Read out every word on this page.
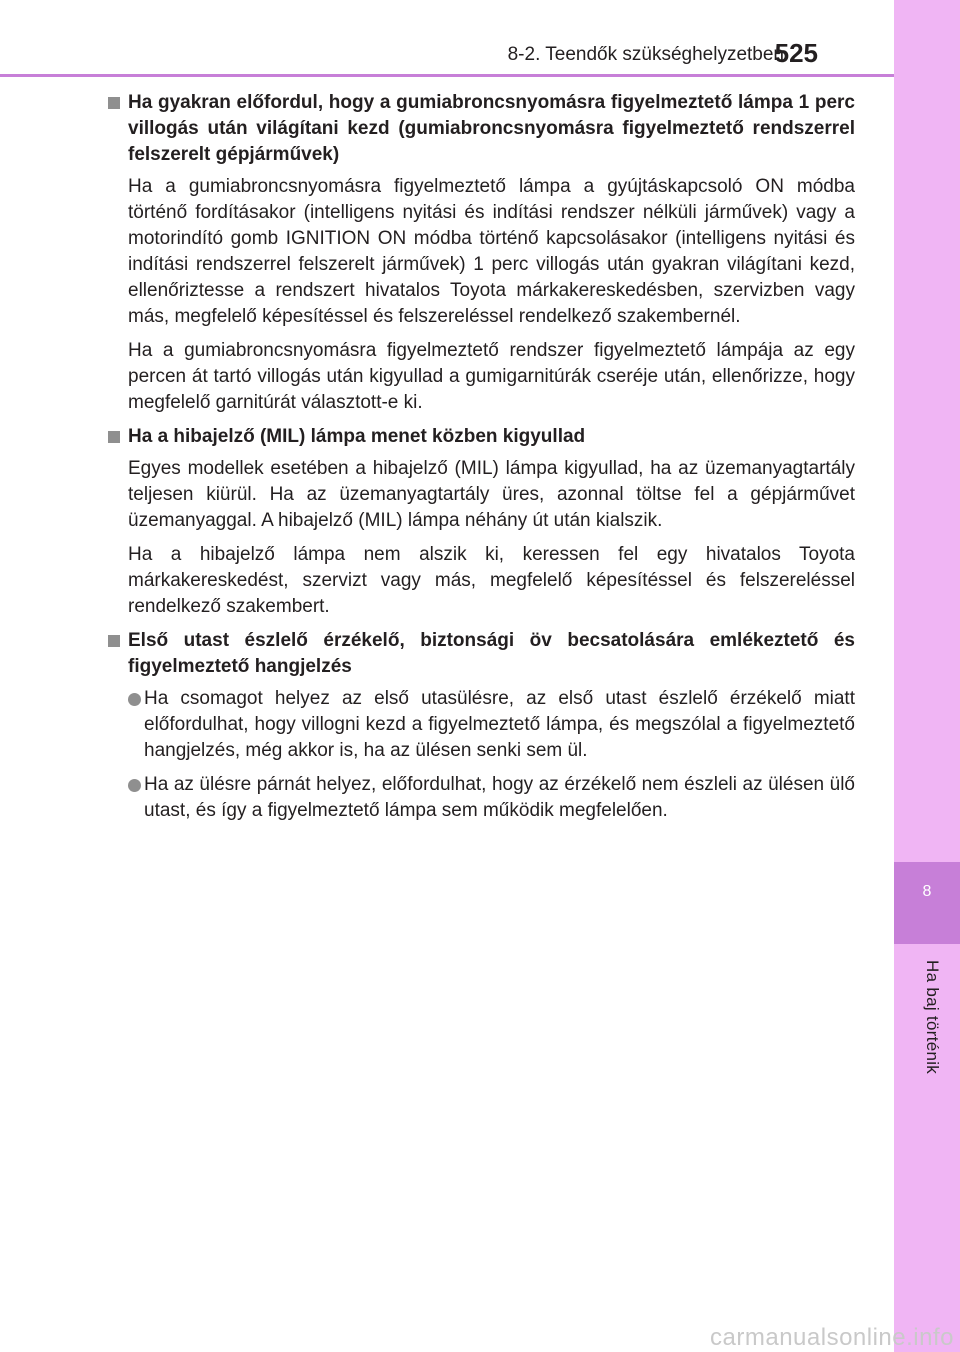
8-2. Teendők szükséghelyzetben
525
8
Ha baj történik

Ha gyakran előfordul, hogy a gumiabroncsnyomásra figyelmeztető lámpa 1 perc villogás után világítani kezd (gumiabroncsnyomásra figyelmeztető rendszerrel felszerelt gépjárművek)

Ha a gumiabroncsnyomásra figyelmeztető lámpa a gyújtáskapcsoló ON módba történő fordításakor (intelligens nyitási és indítási rendszer nélküli járművek) vagy a motorindító gomb IGNITION ON módba történő kapcsolásakor (intelligens nyitási és indítási rendszerrel felszerelt járművek) 1 perc villogás után gyakran világítani kezd, ellenőriztesse a rendszert hivatalos Toyota márkakereskedésben, szervizben vagy más, megfelelő képesítéssel és felszereléssel rendelkező szakembernél.

Ha a gumiabroncsnyomásra figyelmeztető rendszer figyelmeztető lámpája az egy percen át tartó villogás után kigyullad a gumigarnitúrák cseréje után, ellenőrizze, hogy megfelelő garnitúrát választott-e ki.

Ha a hibajelző (MIL) lámpa menet közben kigyullad

Egyes modellek esetében a hibajelző (MIL) lámpa kigyullad, ha az üzemanyagtartály teljesen kiürül. Ha az üzemanyagtartály üres, azonnal töltse fel a gépjárművet üzemanyaggal. A hibajelző (MIL) lámpa néhány út után kialszik.

Ha a hibajelző lámpa nem alszik ki, keressen fel egy hivatalos Toyota márkakereskedést, szervizt vagy más, megfelelő képesítéssel és felszereléssel rendelkező szakembert.

Első utast észlelő érzékelő, biztonsági öv becsatolására emlékeztető és figyelmeztető hangjelzés

Ha csomagot helyez az első utasülésre, az első utast észlelő érzékelő miatt előfordulhat, hogy villogni kezd a figyelmeztető lámpa, és megszólal a figyelmeztető hangjelzés, még akkor is, ha az ülésen senki sem ül.

Ha az ülésre párnát helyez, előfordulhat, hogy az érzékelő nem észleli az ülésen ülő utast, és így a figyelmeztető lámpa sem működik megfelelően.

carmanualsonline.info
